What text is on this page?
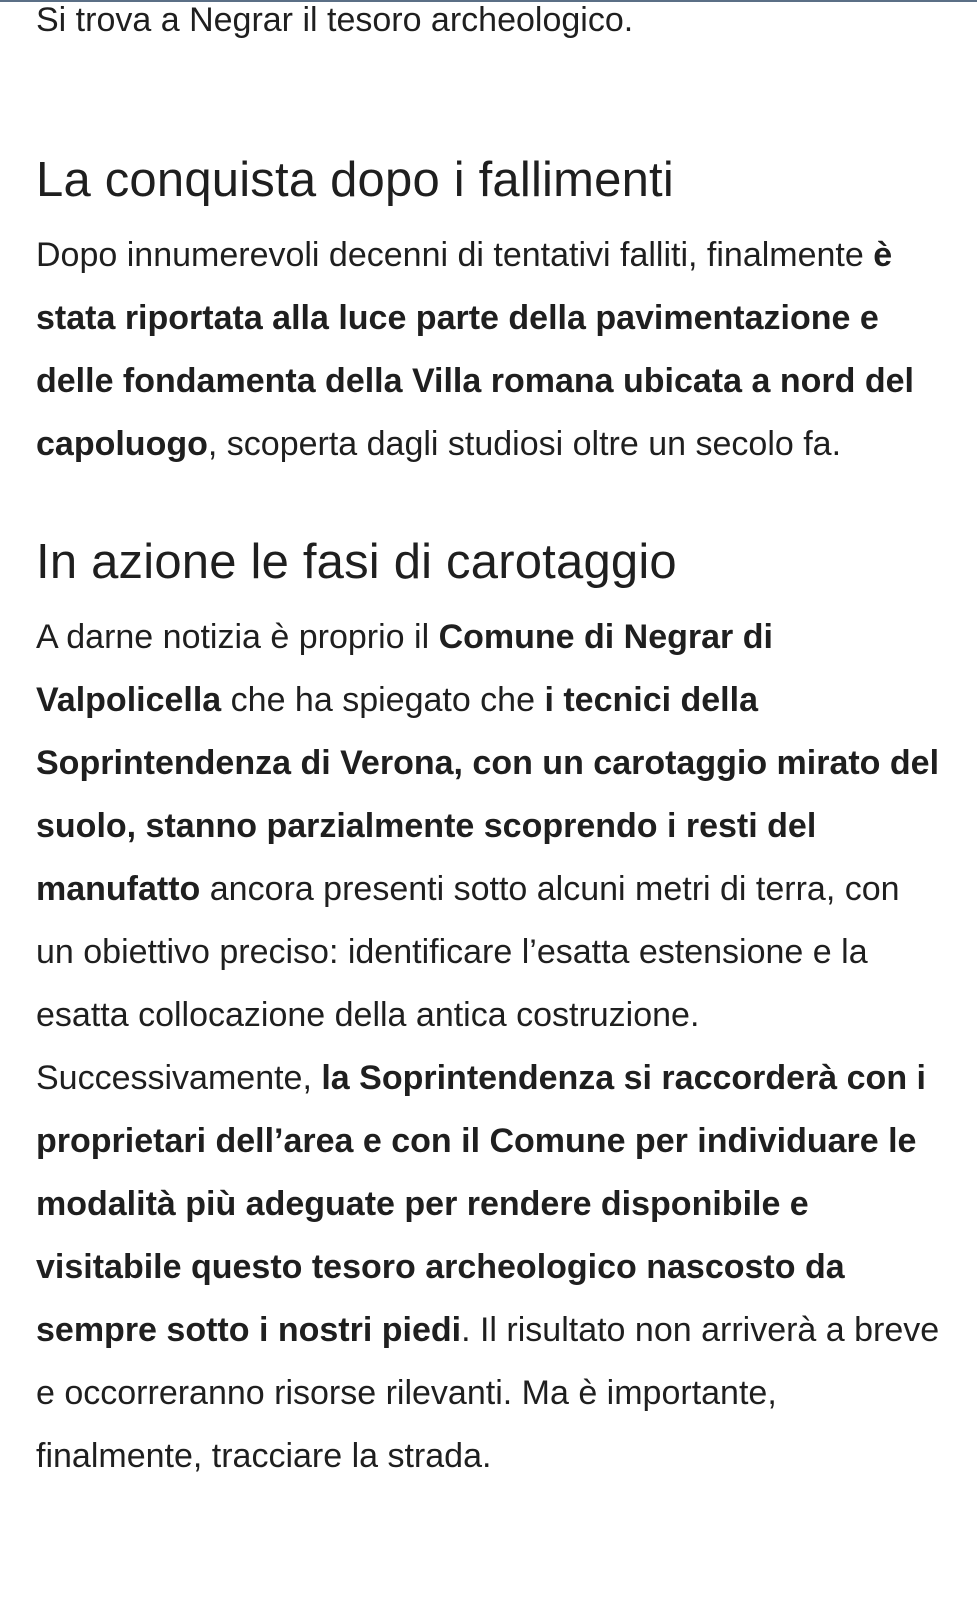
Si trova a Negrar il tesoro archeologico.

La conquista dopo i fallimenti

Dopo innumerevoli decenni di tentativi falliti, finalmente è stata riportata alla luce parte della pavimentazione e delle fondamenta della Villa romana ubicata a nord del capoluogo, scoperta dagli studiosi oltre un secolo fa.

In azione le fasi di carotaggio

A darne notizia è proprio il Comune di Negrar di Valpolicella che ha spiegato che i tecnici della Soprintendenza di Verona, con un carotaggio mirato del suolo, stanno parzialmente scoprendo i resti del manufatto ancora presenti sotto alcuni metri di terra, con un obiettivo preciso: identificare l’esatta estensione e la esatta collocazione della antica costruzione. Successivamente, la Soprintendenza si raccorderà con i proprietari dell’area e con il Comune per individuare le modalità più adeguate per rendere disponibile e visitabile questo tesoro archeologico nascosto da sempre sotto i nostri piedi. Il risultato non arriverà a breve e occorreranno risorse rilevanti. Ma è importante, finalmente, tracciare la strada.
